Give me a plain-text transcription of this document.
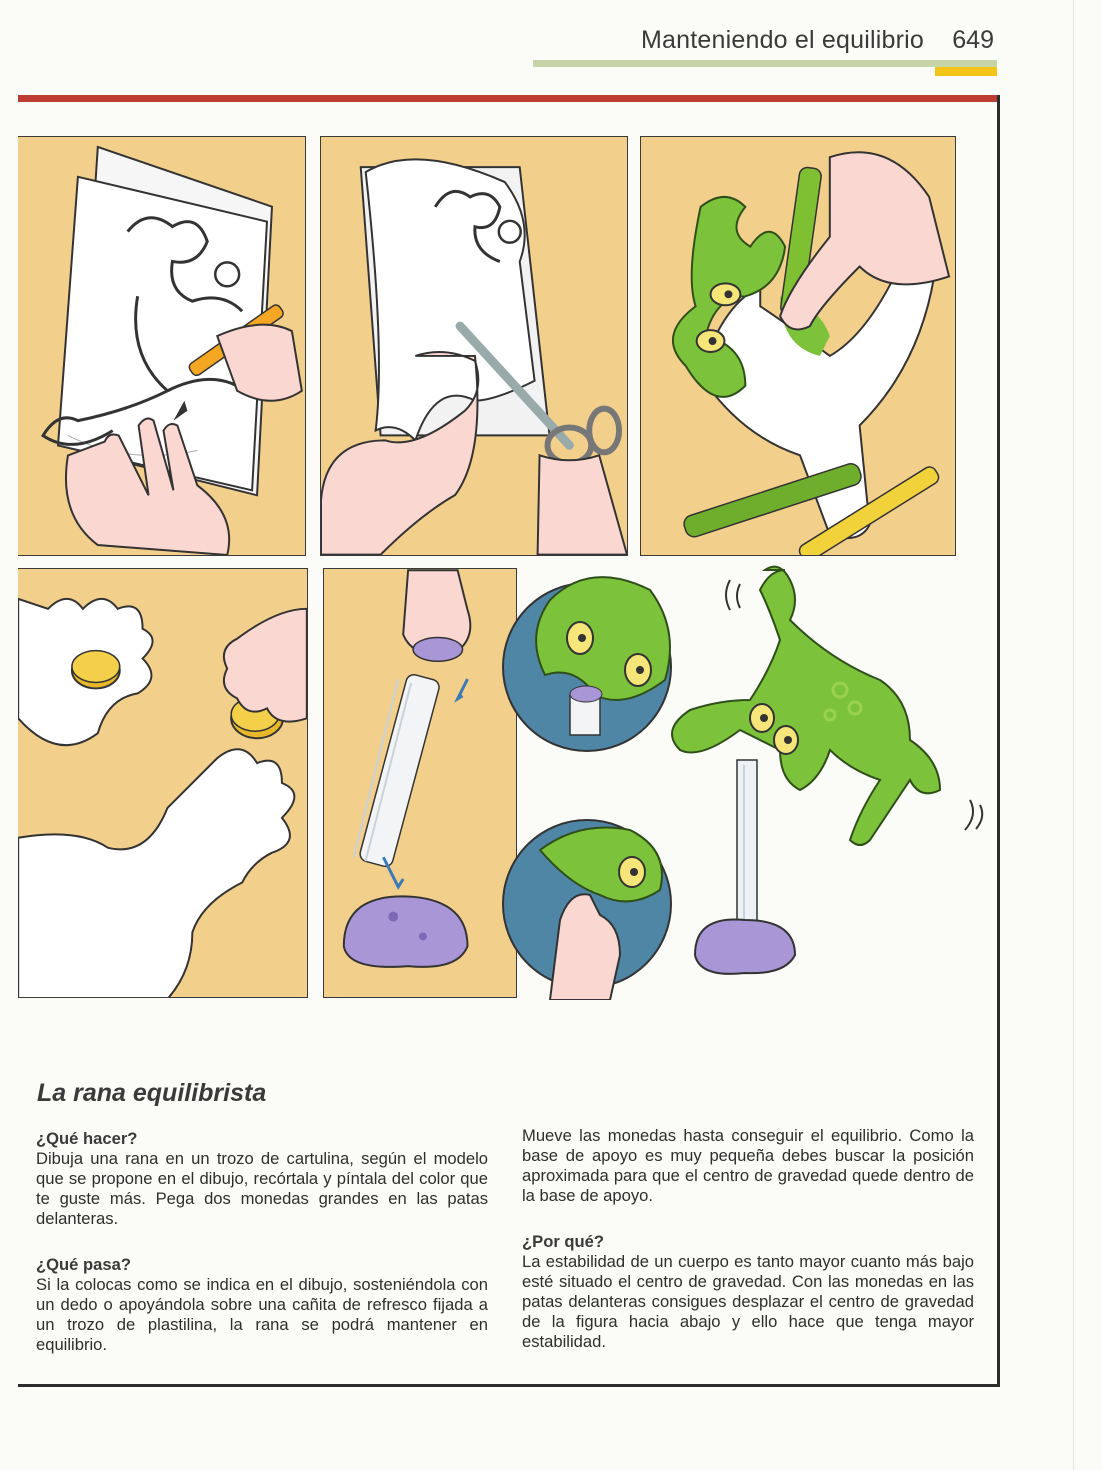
Manteniendo el equilibrio 649
La rana equilibrista
¿Qué hacer?

Dibuja una rana en un trozo de cartulina, según el modelo que se propone en el dibujo, recórtala y píntala del color que te guste más. Pega dos monedas grandes en las patas delanteras.

¿Qué pasa?

Si la colocas como se indica en el dibujo, sosteniéndola con un dedo o apoyándola sobre una cañita de refresco fijada a un trozo de plastilina, la rana se podrá mantener en equilibrio.

Mueve las monedas hasta conseguir el equilibrio. Como la base de apoyo es muy pequeña debes buscar la posición aproximada para que el centro de gravedad quede dentro de la base de apoyo.

¿Por qué?

La estabilidad de un cuerpo es tanto mayor cuanto más bajo esté situado el centro de gravedad. Con las monedas en las patas delanteras consigues desplazar el centro de gravedad de la figura hacia abajo y ello hace que tenga mayor estabilidad.
